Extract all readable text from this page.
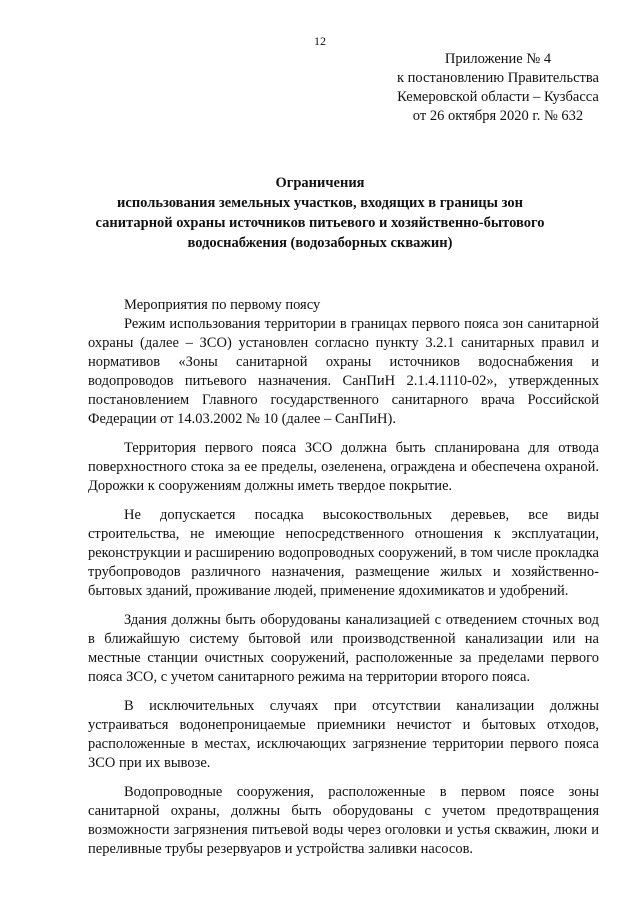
12
Приложение № 4
к постановлению Правительства
Кемеровской области – Кузбасса
от 26 октября 2020 г. № 632
Ограничения
использования земельных участков, входящих в границы зон
санитарной охраны источников питьевого и хозяйственно-бытового
водоснабжения (водозаборных скважин)

Мероприятия по первому поясу

Режим использования территории в границах первого пояса зон санитарной охраны (далее – ЗСО) установлен согласно пункту 3.2.1 санитарных правил и нормативов «Зоны санитарной охраны источников водоснабжения и водопроводов питьевого назначения. СанПиН 2.1.4.1110-02», утвержденных постановлением Главного государственного санитарного врача Российской Федерации от 14.03.2002 № 10 (далее – СанПиН).

Территория первого пояса ЗСО должна быть спланирована для отвода поверхностного стока за ее пределы, озеленена, ограждена и обеспечена охраной. Дорожки к сооружениям должны иметь твердое покрытие.

Не допускается посадка высокоствольных деревьев, все виды строительства, не имеющие непосредственного отношения к эксплуатации, реконструкции и расширению водопроводных сооружений, в том числе прокладка трубопроводов различного назначения, размещение жилых и хозяйственно-бытовых зданий, проживание людей, применение ядохимикатов и удобрений.

Здания должны быть оборудованы канализацией с отведением сточных вод в ближайшую систему бытовой или производственной канализации или на местные станции очистных сооружений, расположенные за пределами первого пояса ЗСО, с учетом санитарного режима на территории второго пояса.

В исключительных случаях при отсутствии канализации должны устраиваться водонепроницаемые приемники нечистот и бытовых отходов, расположенные в местах, исключающих загрязнение территории первого пояса ЗСО при их вывозе.

Водопроводные сооружения, расположенные в первом поясе зоны санитарной охраны, должны быть оборудованы с учетом предотвращения возможности загрязнения питьевой воды через оголовки и устья скважин, люки и переливные трубы резервуаров и устройства заливки насосов.
